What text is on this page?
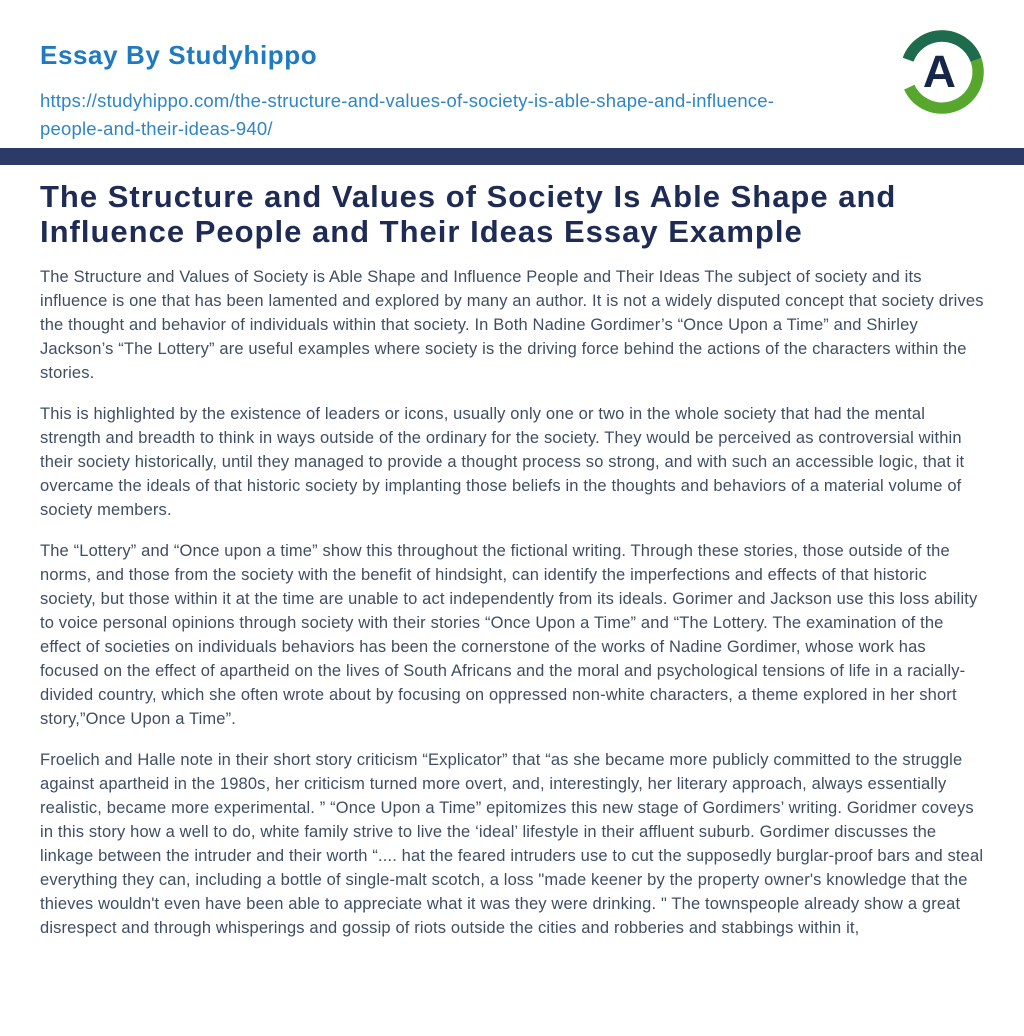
Essay By Studyhippo
https://studyhippo.com/the-structure-and-values-of-society-is-able-shape-and-influence-people-and-their-ideas-940/
A
The Structure and Values of Society Is Able Shape and Influence People and Their Ideas Essay Example

The Structure and Values of Society is Able Shape and Influence People and Their Ideas The subject of society and its influence is one that has been lamented and explored by many an author. It is not a widely disputed concept that society drives the thought and behavior of individuals within that society. In Both Nadine Gordimer’s “Once Upon a Time” and Shirley Jackson’s “The Lottery” are useful examples where society is the driving force behind the actions of the characters within the stories.

This is highlighted by the existence of leaders or icons, usually only one or two in the whole society that had the mental strength and breadth to think in ways outside of the ordinary for the society. They would be perceived as controversial within their society historically, until they managed to provide a thought process so strong, and with such an accessible logic, that it overcame the ideals of that historic society by implanting those beliefs in the thoughts and behaviors of a material volume of society members.

The “Lottery” and “Once upon a time” show this throughout the fictional writing. Through these stories, those outside of the norms, and those from the society with the benefit of hindsight, can identify the imperfections and effects of that historic society, but those within it at the time are unable to act independently from its ideals. Gorimer and Jackson use this loss ability to voice personal opinions through society with their stories “Once Upon a Time” and “The Lottery. The examination of the effect of societies on individuals behaviors has been the cornerstone of the works of Nadine Gordimer, whose work has focused on the effect of apartheid on the lives of South Africans and the moral and psychological tensions of life in a racially-divided country, which she often wrote about by focusing on oppressed non-white characters, a theme explored in her short story,”Once Upon a Time”.

Froelich and Halle note in their short story criticism “Explicator” that “as she became more publicly committed to the struggle against apartheid in the 1980s, her criticism turned more overt, and, interestingly, her literary approach, always essentially realistic, became more experimental. ” “Once Upon a Time” epitomizes this new stage of Gordimers’ writing. Goridmer coveys in this story how a well to do, white family strive to live the ‘ideal’ lifestyle in their affluent suburb. Gordimer discusses the linkage between the intruder and their worth “.... hat the feared intruders use to cut the supposedly burglar-proof bars and steal everything they can, including a bottle of single-malt scotch, a loss "made keener by the property owner's knowledge that the thieves wouldn't even have been able to appreciate what it was they were drinking. " The townspeople already show a great disrespect and through whisperings and gossip of riots outside the cities and robberies and stabbings within it,
